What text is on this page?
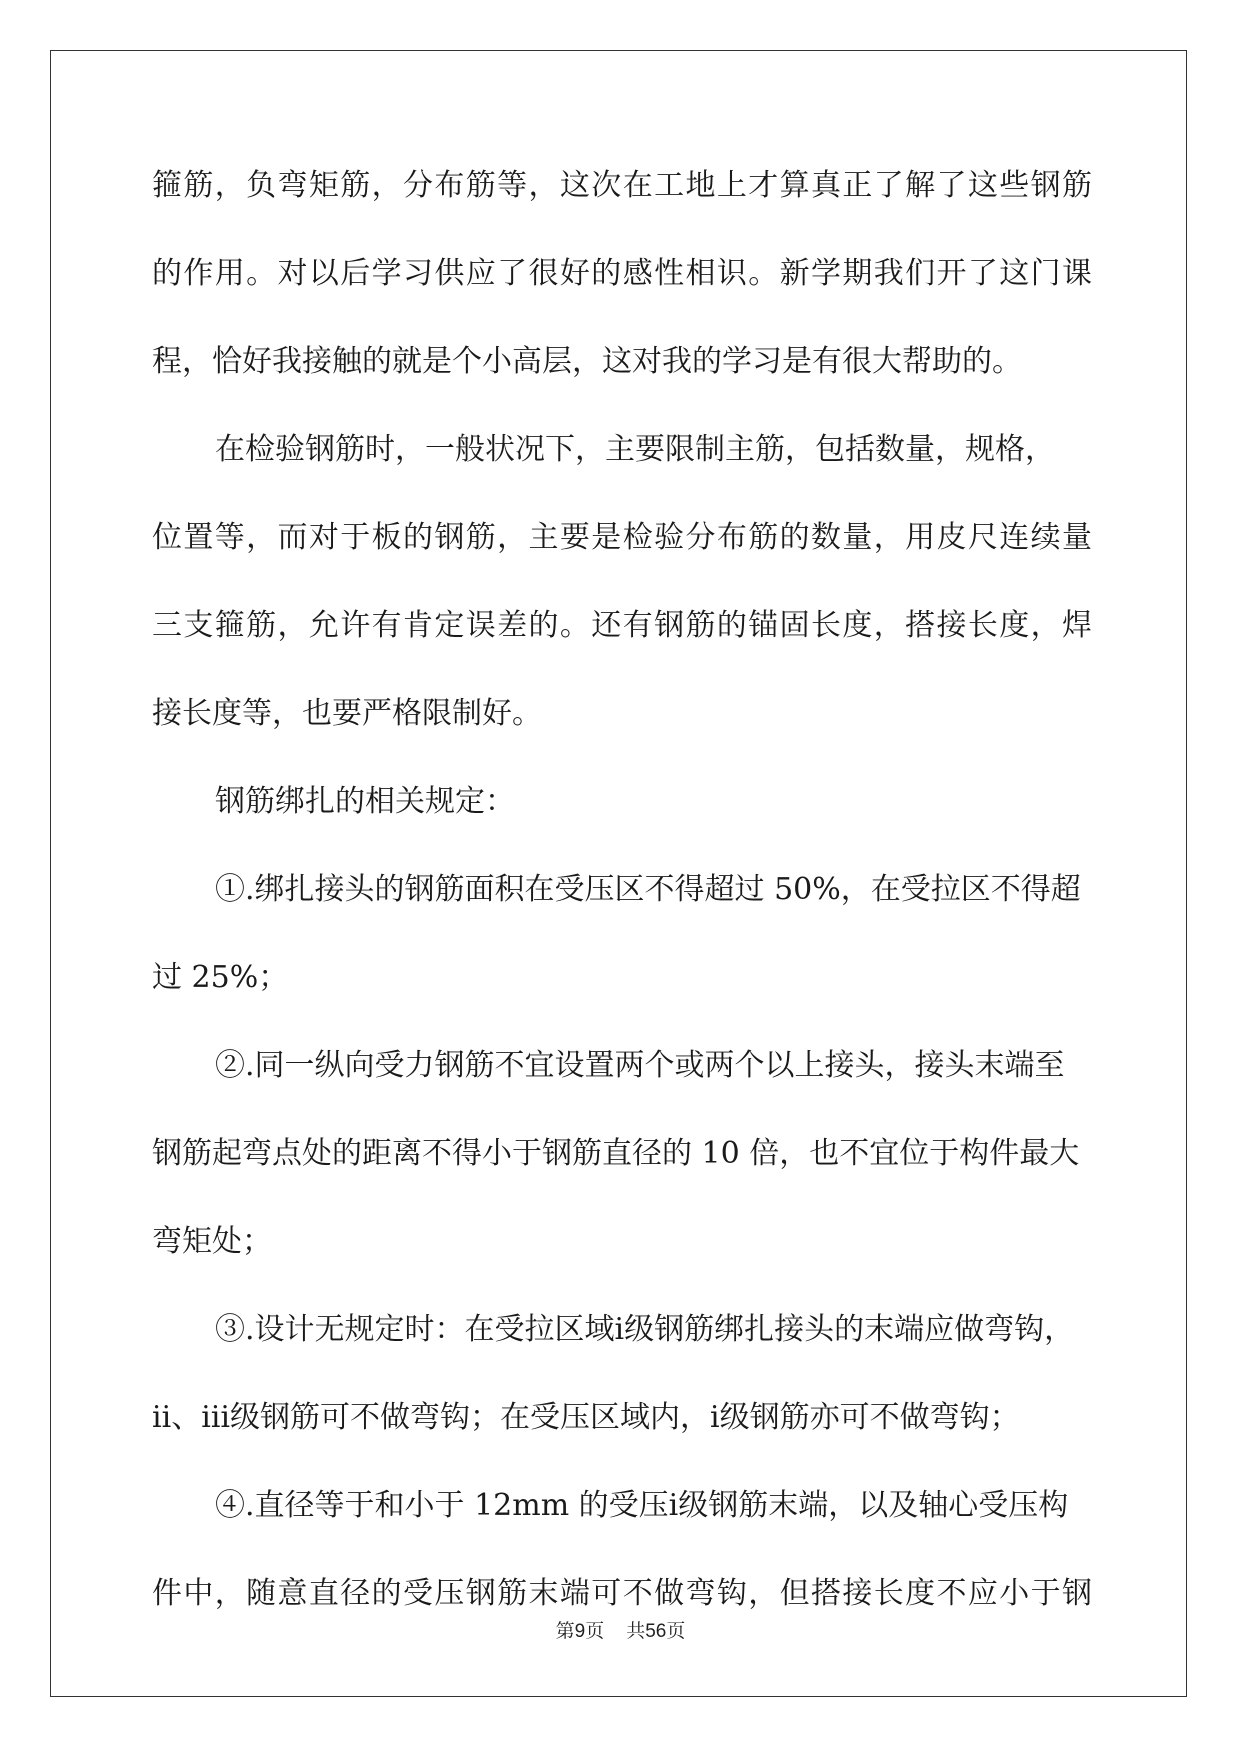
箍筋，负弯矩筋，分布筋等，这次在工地上才算真正了解了这些钢筋
的作用。对以后学习供应了很好的感性相识。新学期我们开了这门课
程，恰好我接触的就是个小高层，这对我的学习是有很大帮助的。
在检验钢筋时，一般状况下，主要限制主筋，包括数量，规格，
位置等，而对于板的钢筋，主要是检验分布筋的数量，用皮尺连续量
三支箍筋，允许有肯定误差的。还有钢筋的锚固长度，搭接长度，焊
接长度等，也要严格限制好。
钢筋绑扎的相关规定：
①.绑扎接头的钢筋面积在受压区不得超过 50%，在受拉区不得超
过 25%；
②.同一纵向受力钢筋不宜设置两个或两个以上接头，接头末端至
钢筋起弯点处的距离不得小于钢筋直径的 10 倍，也不宜位于构件最大
弯矩处；
③.设计无规定时：在受拉区域ⅰ级钢筋绑扎接头的末端应做弯钩，
ⅱ、ⅲ级钢筋可不做弯钩；在受压区域内，ⅰ级钢筋亦可不做弯钩；
④.直径等于和小于 12mm 的受压ⅰ级钢筋末端，以及轴心受压构
件中，随意直径的受压钢筋末端可不做弯钩，但搭接长度不应小于钢
第9页 共56页
